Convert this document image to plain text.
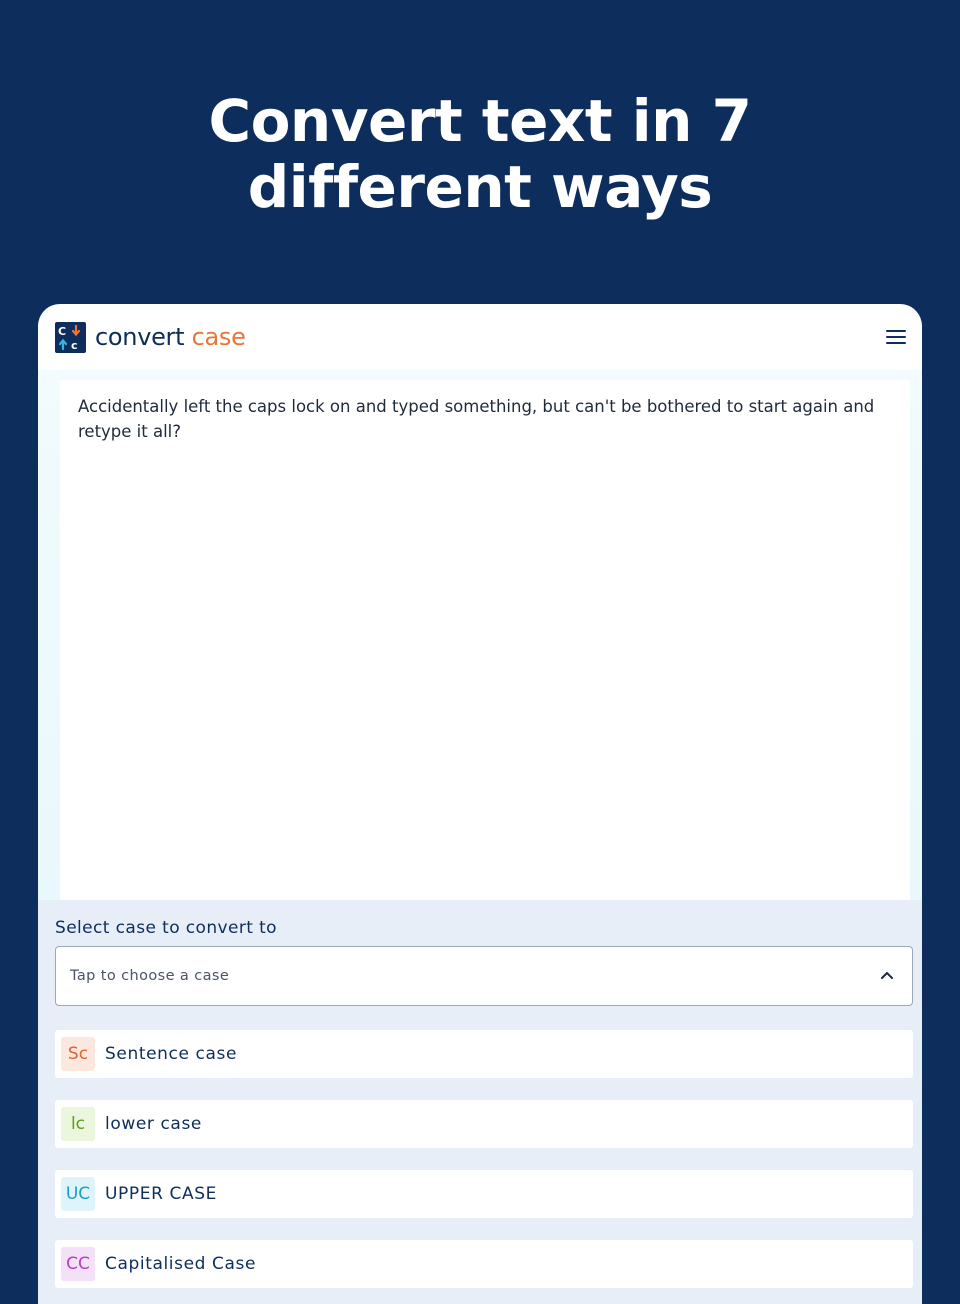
Convert text in 7 different ways
C
c convert case
Accidentally left the caps lock on and typed something, but can't be bothered to start again and retype it all?
Select case to convert to
Tap to choose a case
Sc Sentence case
lc	lower case
UC UPPER CASE
CC Capitalised Case
